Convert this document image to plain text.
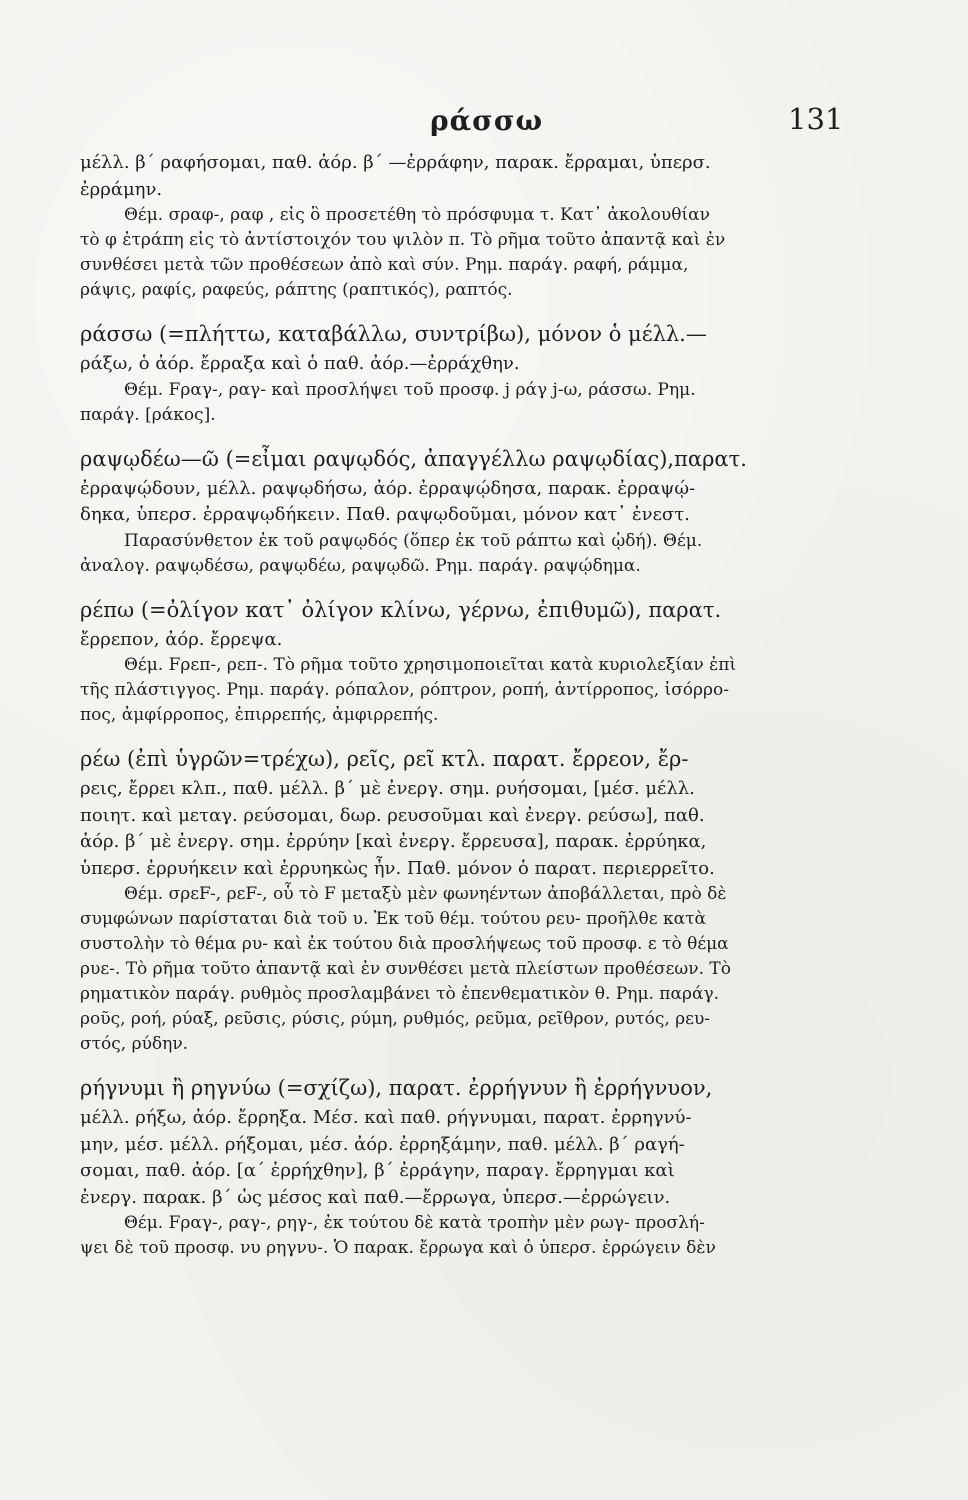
ράσσω	131
μέλλ. β΄ ραφήσομαι, παθ. ἀόρ. β΄ —ἐρράφην, παρακ. ἔρραμαι, ὑπερσ.
ἐρράμην.
Θέμ. σραφ-, ραφ , εἰς ὃ προσετέθη τὸ πρόσφυμα τ. Κατ᾽ ἀκολουθίαν
τὸ φ ἐτράπη εἰς τὸ ἀντίστοιχόν του ψιλὸν π. Τὸ ρῆμα τοῦτο ἀπαντᾷ καὶ ἐν
συνθέσει μετὰ τῶν προθέσεων ἀπὸ καὶ σύν. Ρημ. παράγ. ραφή, ράμμα,
ράψις, ραφίς, ραφεύς, ράπτης (ραπτικός), ραπτός.
ράσσω (=πλήττω, καταβάλλω, συντρίβω), μόνον ὁ μέλλ.—
ράξω, ὁ ἀόρ. ἔρραξα καὶ ὁ παθ. ἀόρ.—ἐρράχθην.
Θέμ. Fραγ-, ραγ- καὶ προσλήψει τοῦ προσφ. j ράγ j-ω, ράσσω. Ρημ.
παράγ. [ράκος].
ραψῳδέω—ῶ (=εἶμαι ραψῳδός, ἀπαγγέλλω ραψῳδίας),παρατ.
ἐρραψῴδουν, μέλλ. ραψῳδήσω, ἀόρ. ἐρραψῴδησα, παρακ. ἐρραψῴ-
δηκα, ὑπερσ. ἐρραψῳδήκειν. Παθ. ραψῳδοῦμαι, μόνον κατ᾽ ἐνεστ.
Παρασύνθετον ἐκ τοῦ ραψῳδός (ὅπερ ἐκ τοῦ ράπτω καὶ ᾠδή). Θέμ.
ἀναλογ. ραψῳδέσω, ραψῳδέω, ραψῳδῶ. Ρημ. παράγ. ραψῴδημα.
ρέπω (=ὀλίγον κατ᾽ ὀλίγον κλίνω, γέρνω, ἐπιθυμῶ), παρατ.
ἔρρεπον, ἀόρ. ἔρρεψα.
Θέμ. Fρεπ-, ρεπ-. Τὸ ρῆμα τοῦτο χρησιμοποιεῖται κατὰ κυριολεξίαν ἐπὶ
τῆς πλάστιγγος. Ρημ. παράγ. ρόπαλον, ρόπτρον, ροπή, ἀντίρροπος, ἰσόρρο-
πος, ἀμφίρροπος, ἐπιρρεπής, ἀμφιρρεπής.
ρέω (ἐπὶ ὑγρῶν=τρέχω), ρεῖς, ρεῖ κτλ. παρατ. ἔρρεον, ἔρ-
ρεις, ἔρρει κλπ., παθ. μέλλ. β΄ μὲ ἐνεργ. σημ. ρυήσομαι, [μέσ. μέλλ.
ποιητ. καὶ μεταγ. ρεύσομαι, δωρ. ρευσοῦμαι καὶ ἐνεργ. ρεύσω], παθ.
ἀόρ. β΄ μὲ ἐνεργ. σημ. ἐρρύην [καὶ ἐνεργ. ἔρρευσα], παρακ. ἐρρύηκα,
ὑπερσ. ἐρρυήκειν καὶ ἐρρυηκὼς ἦν. Παθ. μόνον ὁ παρατ. περιερρεῖτο.
Θέμ. σρεF-, ρεF-, οὗ τὸ F μεταξὺ μὲν φωνηέντων ἀποβάλλεται, πρὸ δὲ
συμφώνων παρίσταται διὰ τοῦ υ. Ἐκ τοῦ θέμ. τούτου ρευ- προῆλθε κατὰ
συστολὴν τὸ θέμα ρυ- καὶ ἐκ τούτου διὰ προσλήψεως τοῦ προσφ. ε τὸ θέμα
ρυε-. Τὸ ρῆμα τοῦτο ἀπαντᾷ καὶ ἐν συνθέσει μετὰ πλείστων προθέσεων. Τὸ
ρηματικὸν παράγ. ρυθμὸς προσλαμβάνει τὸ ἐπενθεματικὸν θ. Ρημ. παράγ.
ροῦς, ροή, ρύαξ, ρεῦσις, ρύσις, ρύμη, ρυθμός, ρεῦμα, ρεῖθρον, ρυτός, ρευ-
στός, ρύδην.
ρήγνυμι ἢ ρηγνύω (=σχίζω), παρατ. ἐρρήγνυν ἢ ἐρρήγνυον,
μέλλ. ρήξω, ἀόρ. ἔρρηξα. Μέσ. καὶ παθ. ρήγνυμαι, παρατ. ἐρρηγνύ-
μην, μέσ. μέλλ. ρήξομαι, μέσ. ἀόρ. ἐρρηξάμην, παθ. μέλλ. β΄ ραγή-
σομαι, παθ. ἀόρ. [α΄ ἐρρήχθην], β΄ ἐρράγην, παραγ. ἔρρηγμαι καὶ
ἐνεργ. παρακ. β΄ ὡς μέσος καὶ παθ.—ἔρρωγα, ὑπερσ.—ἐρρώγειν.
Θέμ. Fραγ-, ραγ-, ρηγ-, ἐκ τούτου δὲ κατὰ τροπὴν μὲν ρωγ- προσλή-
ψει δὲ τοῦ προσφ. νυ ρηγνυ-. Ὁ παρακ. ἔρρωγα καὶ ὁ ὑπερσ. ἐρρώγειν δὲν
